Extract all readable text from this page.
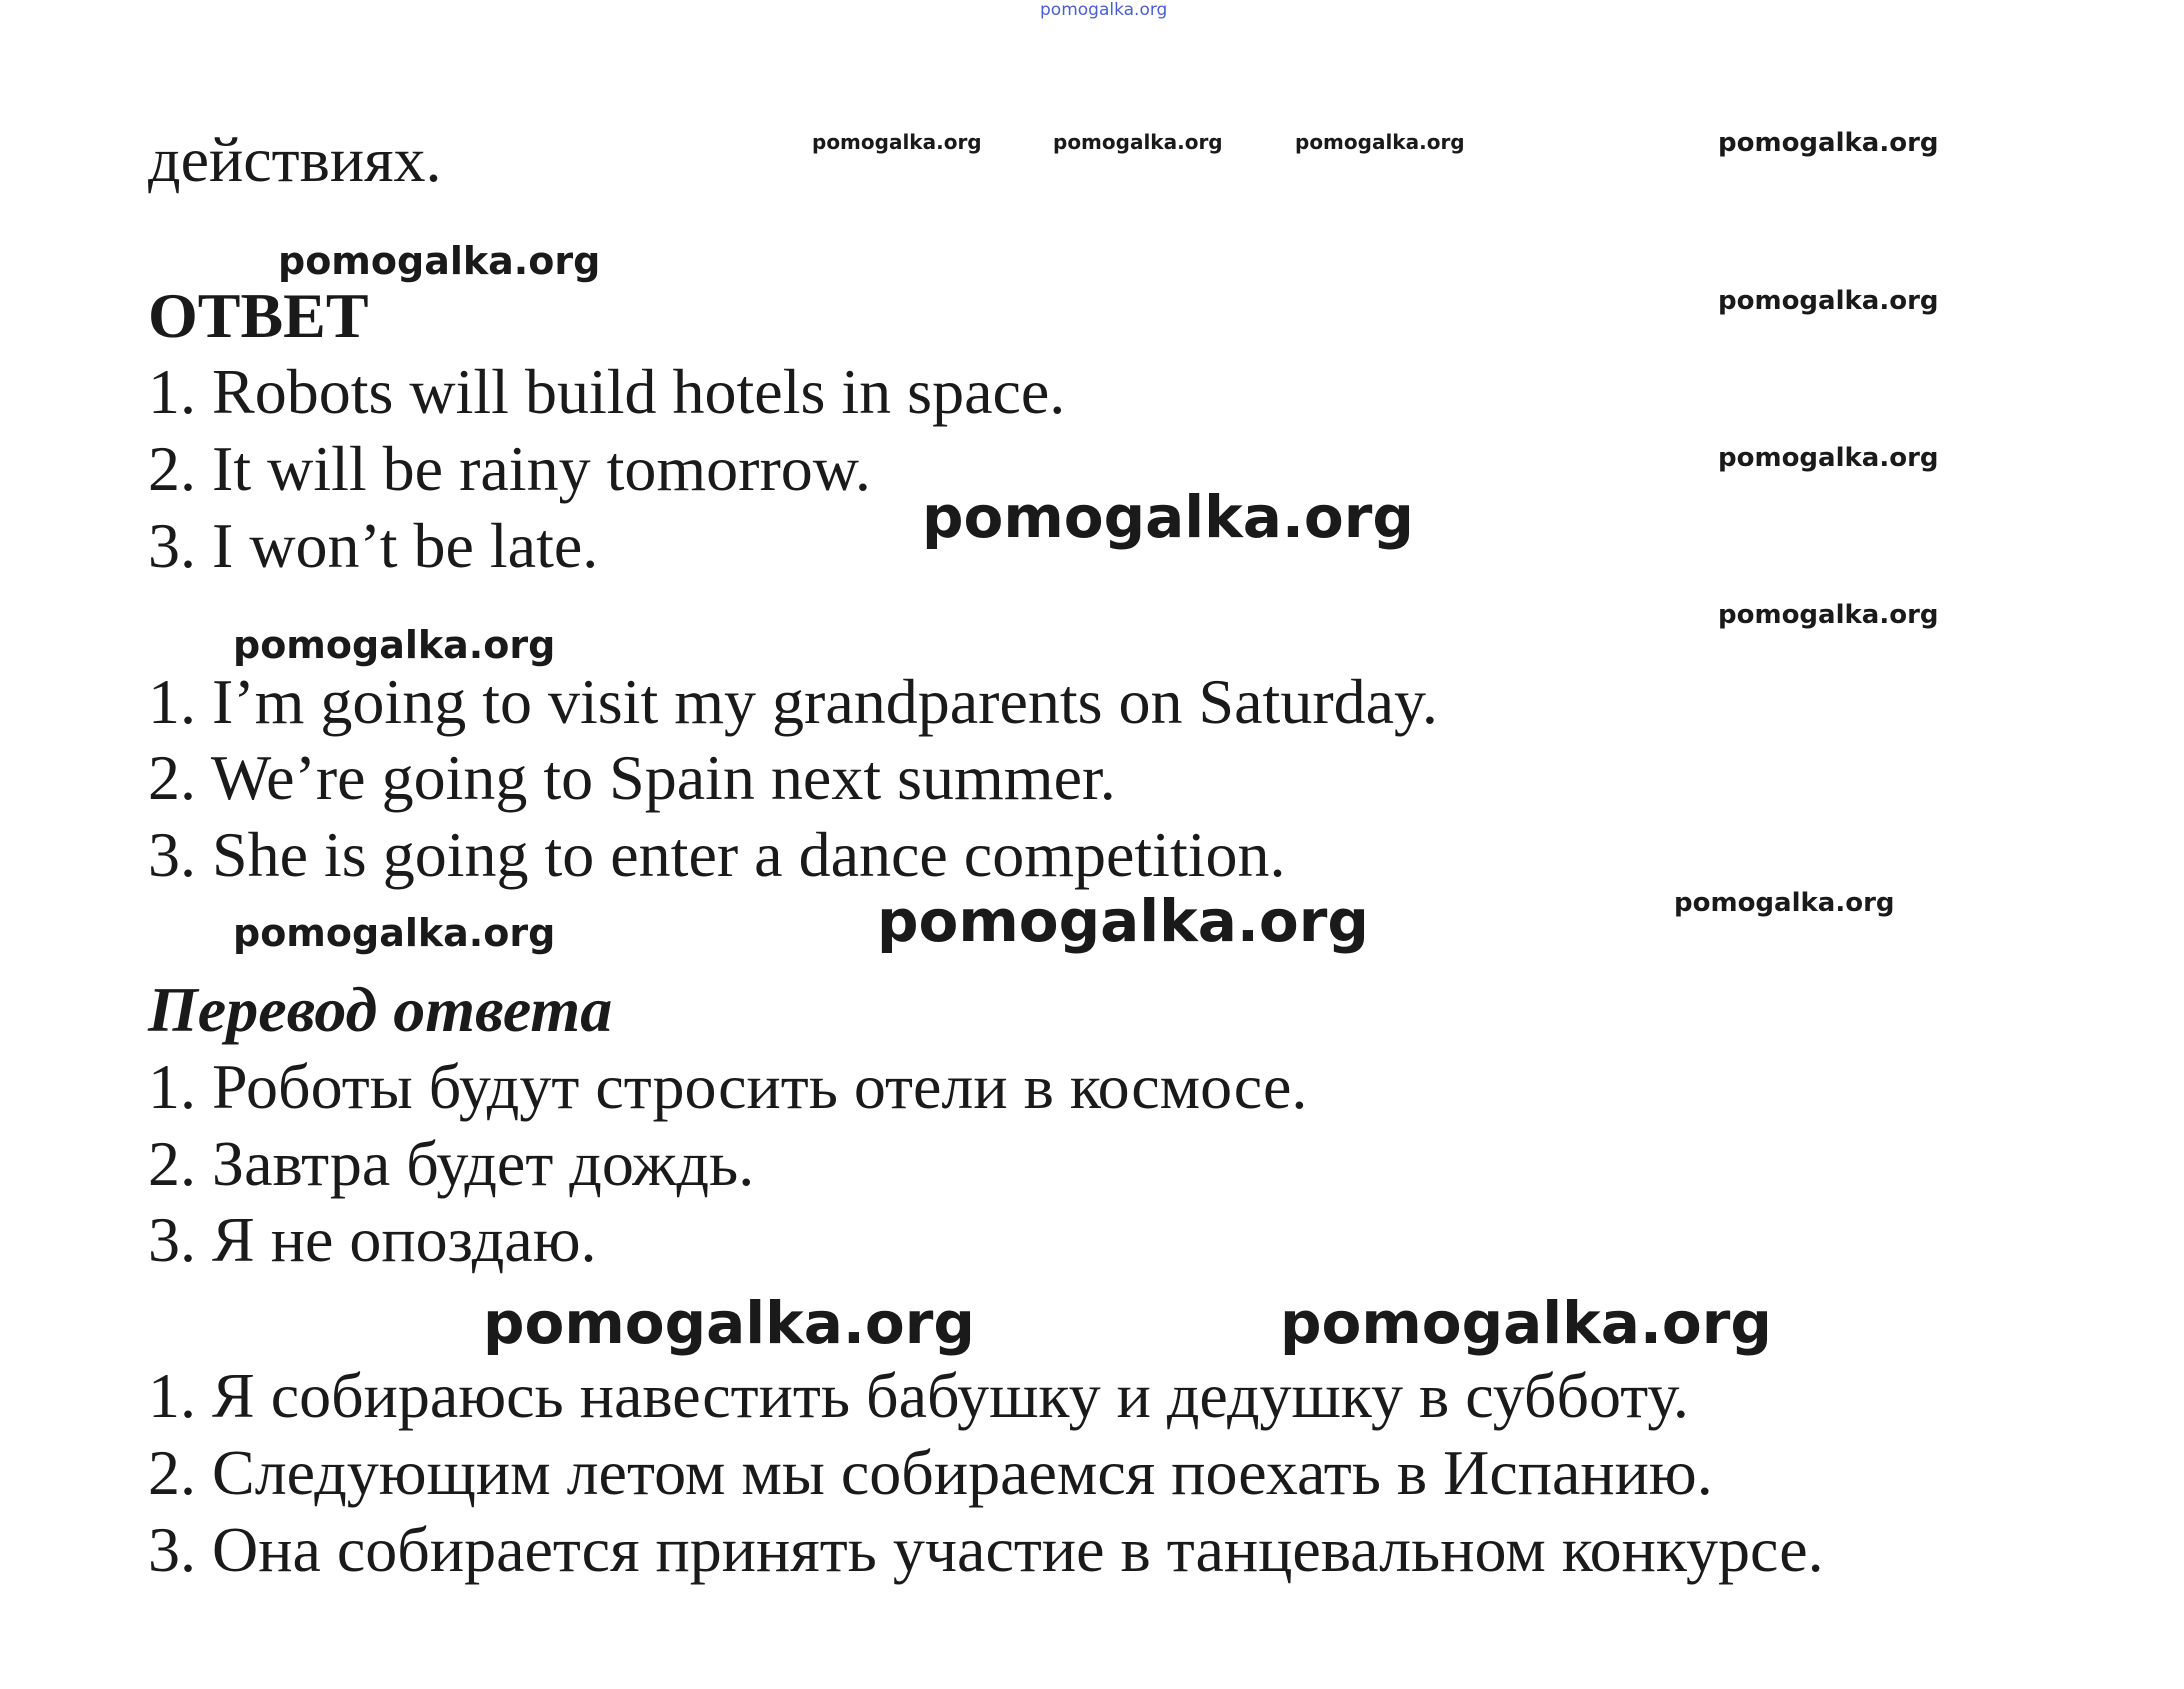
pomogalka.org

действиях.

ОТВЕТ

1. Robots will build hotels in space.

2. It will be rainy tomorrow.

3. I won’t be late.

1. I’m going to visit my grandparents on Saturday.

2. We’re going to Spain next summer.

3. She is going to enter a dance competition.

Перевод ответа

1. Роботы будут стросить отели в космосе.

2. Завтра будет дождь.

3. Я не опоздаю.

1. Я собираюсь навестить бабушку и дедушку в субботу.

2. Следующим летом мы собираемся поехать в Испанию.

3. Она собирается принять участие в танцевальном конкурсе.

pomogalka.org	pomogalka.org	pomogalka.org	pomogalka.org
pomogalka.org
pomogalka.org
pomogalka.org
pomogalka.org
pomogalka.org
pomogalka.org
pomogalka.org
pomogalka.org
pomogalka.org
pomogalka.org	pomogalka.org
